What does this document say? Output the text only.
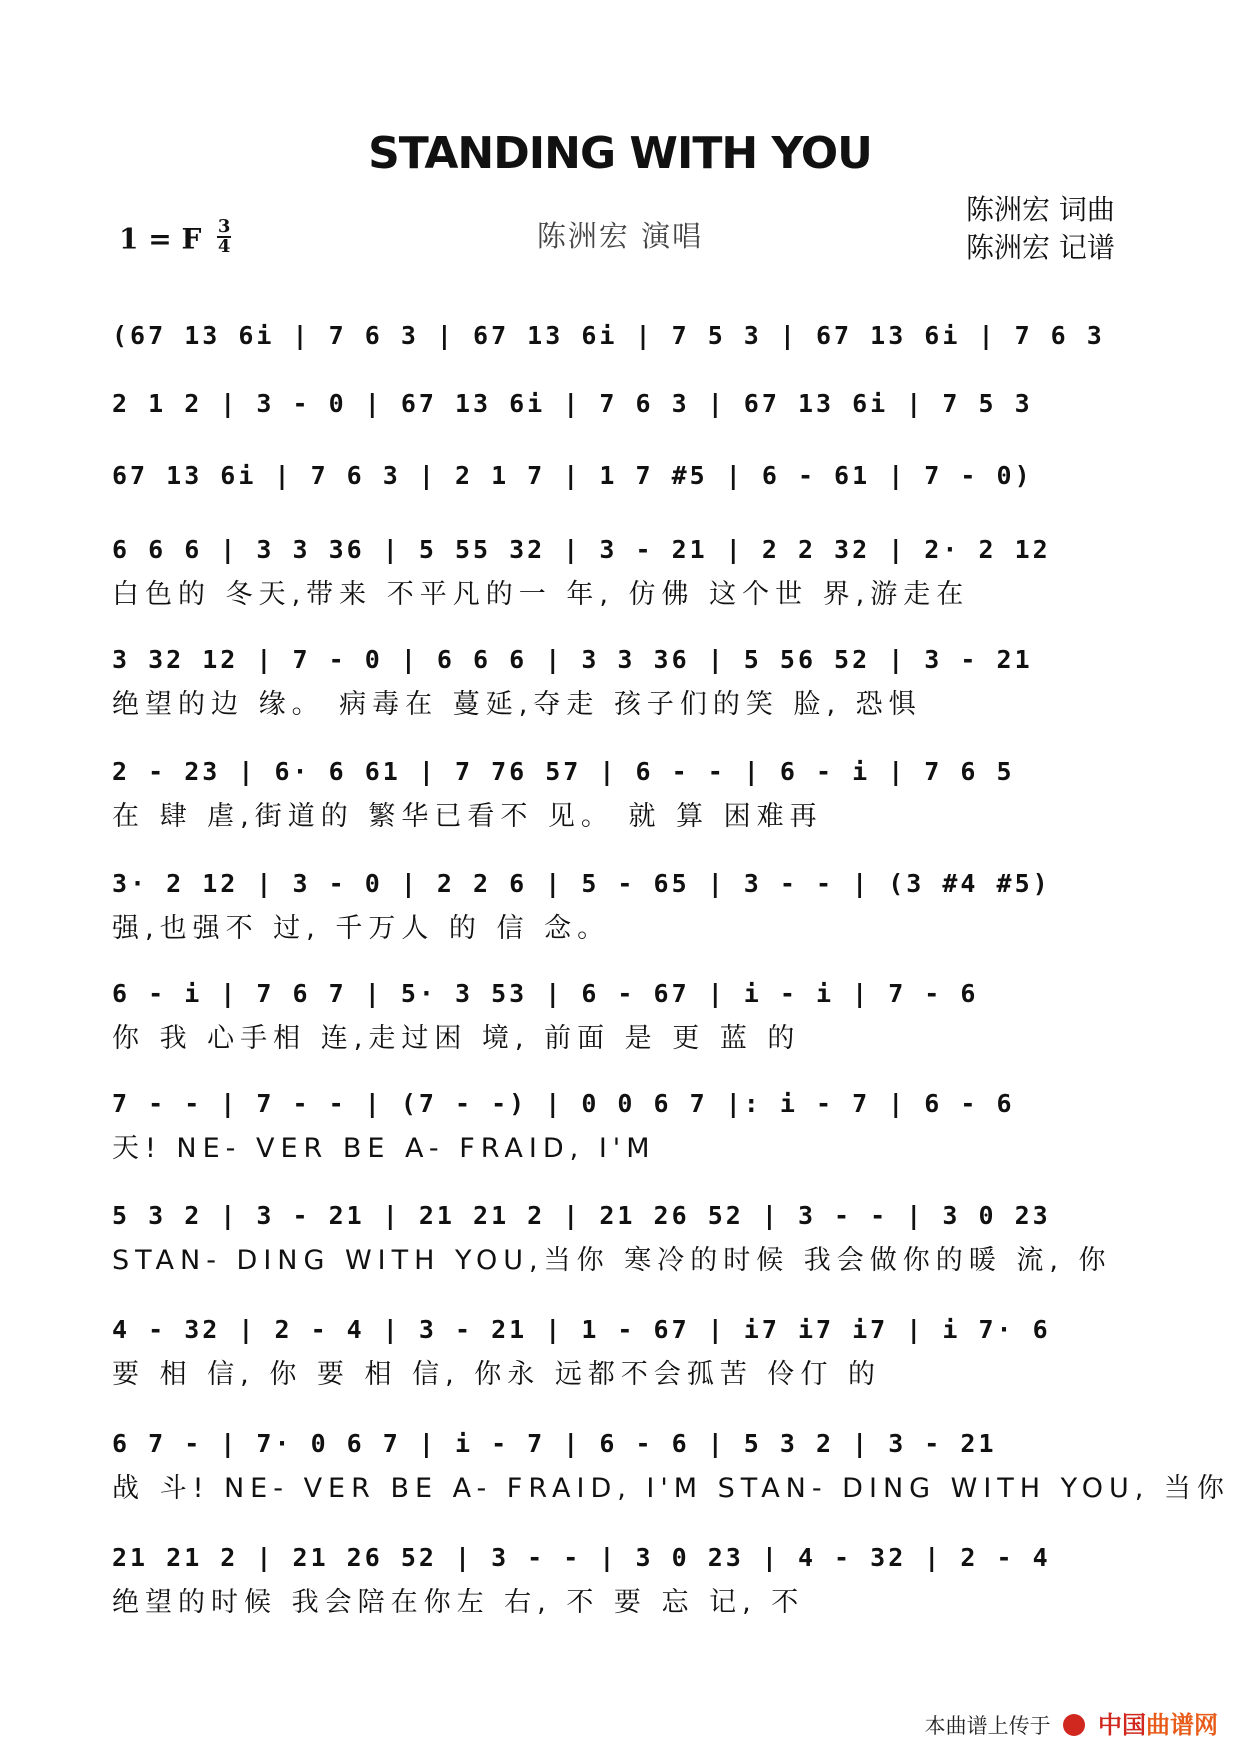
STANDING WITH YOU
1 = F $\frac{3}{4}$	陈洲宏 演唱
陈洲宏 词曲
陈洲宏 记谱
(67 13 6i | 7 6 3 | 67 13 6i | 7 5 3 | 67 13 6i | 7 6 3
2 1 2 | 3 - 0 | 67 13 6i | 7 6 3 | 67 13 6i | 7 5 3
67 13 6i | 7 6 3 | 2 1 7 | 1 7 #5 | 6 - 61 | 7 - 0)
6 6 6 | 3 3 36 | 5 55 32 | 3 - 21 | 2 2 32 | 2· 2 12
白色的 冬天,带来 不平凡的一 年, 仿佛 这个世 界,游走在
3 32 12 | 7 - 0 | 6 6 6 | 3 3 36 | 5 56 52 | 3 - 21
绝望的边 缘。 病毒在 蔓延,夺走 孩子们的笑 脸, 恐惧
2 - 23 | 6· 6 61 | 7 76 57 | 6 - - | 6 - i | 7 6 5
在 肆 虐,街道的 繁华已看不 见。 就 算 困难再
3· 2 12 | 3 - 0 | 2 2 6 | 5 - 65 | 3 - - | (3 #4 #5)
强,也强不 过, 千万人 的 信 念。
6 - i | 7 6 7 | 5· 3 53 | 6 - 67 | i - i | 7 - 6
你 我 心手相 连,走过困 境, 前面 是 更 蓝 的
7 - - | 7 - - | (7 - -) | 0 0 6 7 |: i - 7 | 6 - 6
天! NE- VER BE A- FRAID, I'M
5 3 2 | 3 - 21 | 21 21 2 | 21 26 52 | 3 - - | 3 0 23
STAN- DING WITH YOU,当你 寒冷的时候 我会做你的暖 流, 你
4 - 32 | 2 - 4 | 3 - 21 | 1 - 67 | i7 i7 i7 | i 7· 6
要 相 信, 你 要 相 信, 你永 远都不会孤苦 伶仃 的
6 7 - | 7· 0 6 7 | i - 7 | 6 - 6 | 5 3 2 | 3 - 21
战 斗! NE- VER BE A- FRAID, I'M STAN- DING WITH YOU, 当你
21 21 2 | 21 26 52 | 3 - - | 3 0 23 | 4 - 32 | 2 - 4
绝望的时候 我会陪在你左 右, 不 要 忘 记, 不
本曲谱上传于 中国曲谱网
